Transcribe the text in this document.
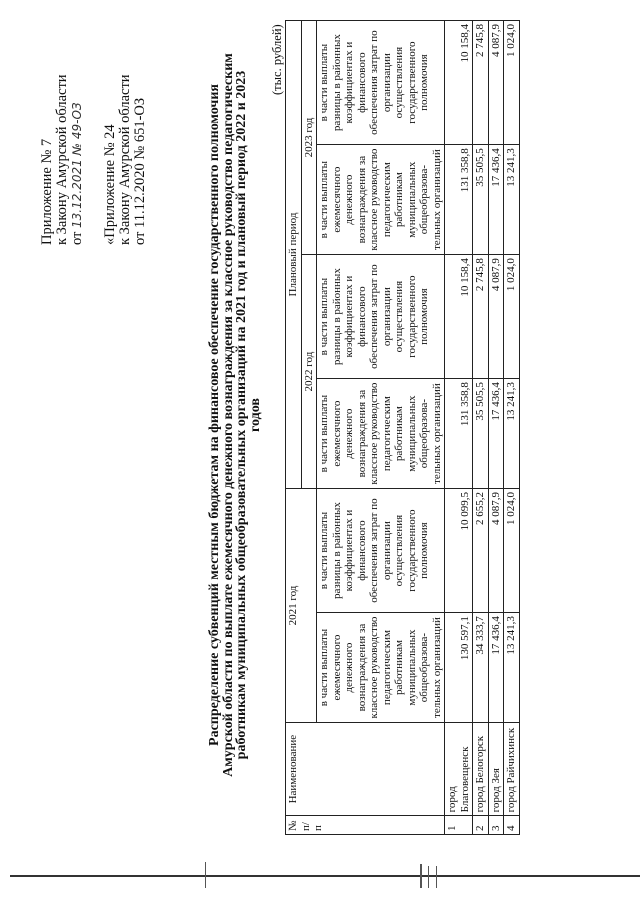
Приложение № 7 к Закону Амурской области от 13.12.2021 № 49-ОЗ «Приложение № 24 к Закону Амурской области от 11.12.2020 № 651-ОЗ	Распределение субвенций местным бюджетам на финансовое обеспечение государственного полномочия
Амурской области по выплате ежемесячного денежного вознаграждения за классное руководство педагогическим
работникам муниципальных общеобразовательных организаций на 2021 год и плановый период 2022 и 2023
годов
(тыс. рублей)
№ п/п	Наименование	2021 год		Плановый период			
				2022 год		2023 год	
		в части выплаты ежемесячного денежного вознаграждения за классное руководство педагогическим работникам муниципальных общеобразова-тельных организаций	в части выплаты разницы в районных коэффициентах и финансового обеспечения затрат по организации осуществления государственного полномочия	в части выплаты ежемесячного денежного вознаграждения за классное руководство педагогическим работникам муниципальных общеобразова-тельных организаций	в части выплаты разницы в районных коэффициентах и финансового обеспечения затрат по организации осуществления государственного полномочия	в части выплаты ежемесячного денежного вознаграждения за классное руководство педагогическим работникам муниципальных общеобразова-тельных организаций	в части выплаты разницы в районных коэффициентах и финансового обеспечения затрат по организации осуществления государственного полномочия
1	город Благовещенск	130 597,1	10 099,5	131 358,8	10 158,4	131 358,8	10 158,4
2	город Белогорск	34 333,7	2 655,2	35 505,5	2 745,8	35 505,5	2 745,8
3	город Зея	17 436,4	4 087,9	17 436,4	4 087,9	17 436,4	4 087,9
4	город Райчихинск	13 241,3	1 024,0	13 241,3	1 024,0	13 241,3	1 024,0
